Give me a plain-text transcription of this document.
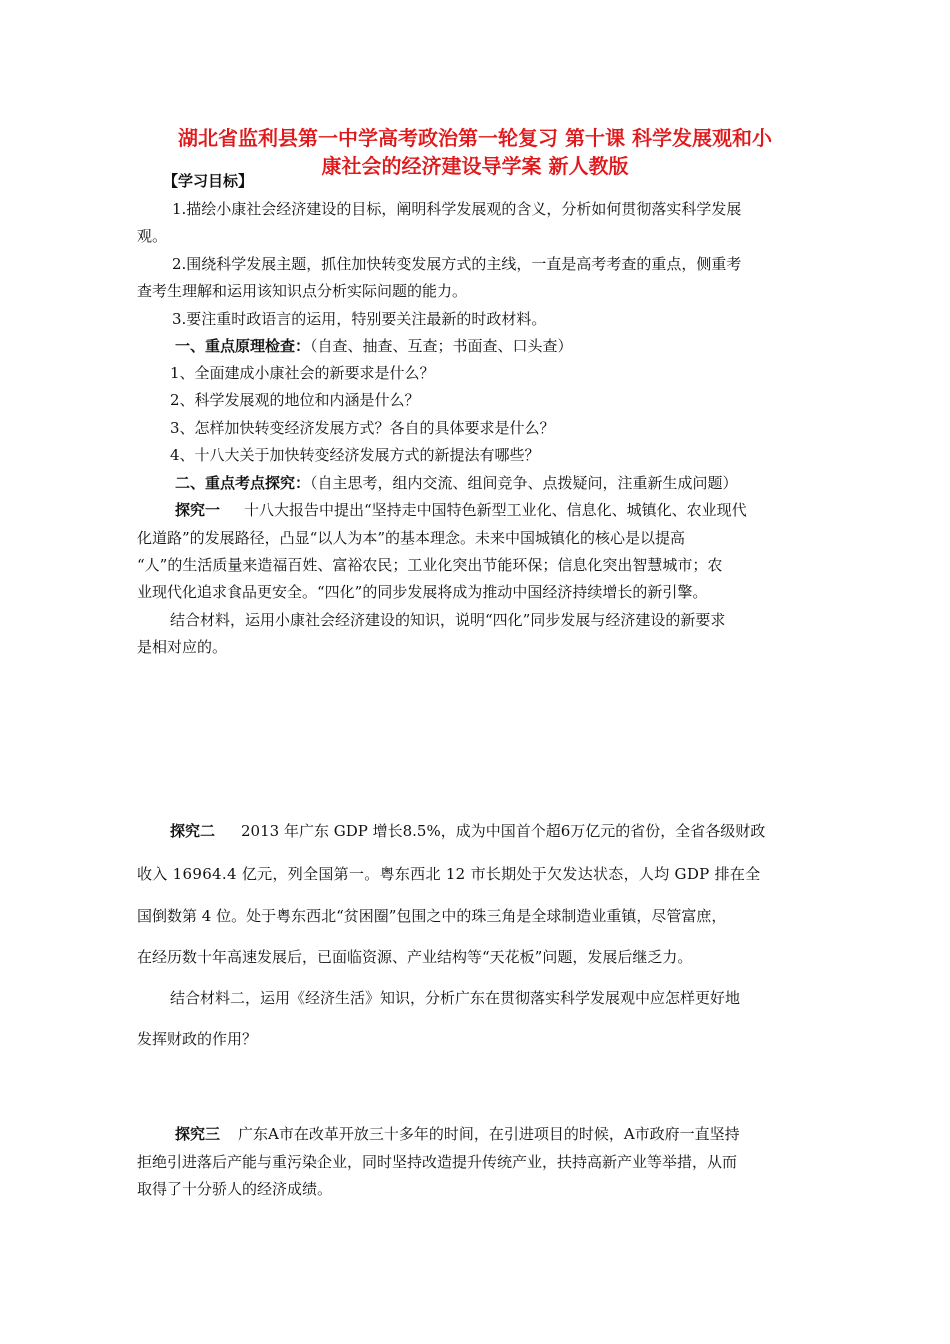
湖北省监利县第一中学高考政治第一轮复习 第十课 科学发展观和小
康社会的经济建设导学案 新人教版
【学习目标】
1.描绘小康社会经济建设的目标，阐明科学发展观的含义，分析如何贯彻落实科学发展
观。
2.围绕科学发展主题，抓住加快转变发展方式的主线，一直是高考考查的重点，侧重考
查考生理解和运用该知识点分析实际问题的能力。
3.要注重时政语言的运用，特别要关注最新的时政材料。
一、重点原理检查：（自查、抽查、互查；书面查、口头查）
1、全面建成小康社会的新要求是什么？
2、科学发展观的地位和内涵是什么？
3、怎样加快转变经济发展方式？各自的具体要求是什么？
4、十八大关于加快转变经济发展方式的新提法有哪些？
二、重点考点探究：（自主思考，组内交流、组间竞争、点拨疑问，注重新生成问题）
探究一 十八大报告中提出“坚持走中国特色新型工业化、信息化、城镇化、农业现代
化道路”的发展路径，凸显“以人为本”的基本理念。未来中国城镇化的核心是以提高
“人”的生活质量来造福百姓、富裕农民；工业化突出节能环保；信息化突出智慧城市；农
业现代化追求食品更安全。“四化”的同步发展将成为推动中国经济持续增长的新引擎。
结合材料，运用小康社会经济建设的知识，说明“四化”同步发展与经济建设的新要求
是相对应的。
探究二 2013 年广东 GDP 增长8.5%，成为中国首个超6万亿元的省份，全省各级财政
收入 16964.4 亿元，列全国第一。粤东西北 12 市长期处于欠发达状态，人均 GDP 排在全
国倒数第 4 位。处于粤东西北“贫困圈”包围之中的珠三角是全球制造业重镇，尽管富庶，
在经历数十年高速发展后，已面临资源、产业结构等“天花板”问题，发展后继乏力。
结合材料二，运用《经济生活》知识，分析广东在贯彻落实科学发展观中应怎样更好地
发挥财政的作用？
探究三 广东A市在改革开放三十多年的时间，在引进项目的时候，A市政府一直坚持
拒绝引进落后产能与重污染企业，同时坚持改造提升传统产业，扶持高新产业等举措，从而
取得了十分骄人的经济成绩。
